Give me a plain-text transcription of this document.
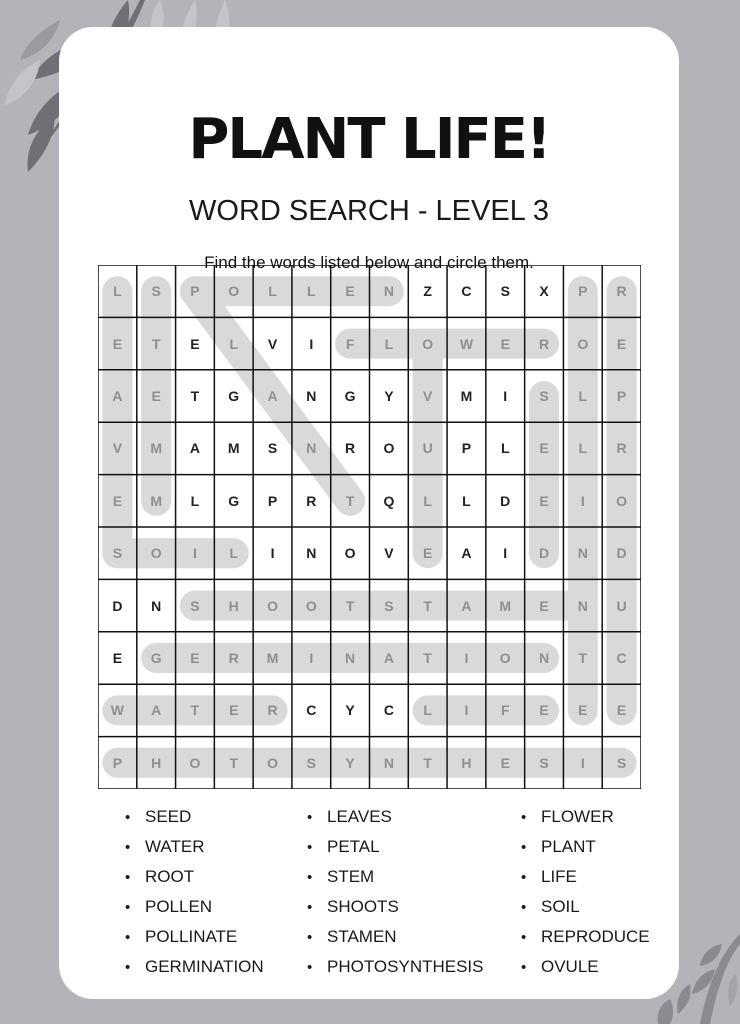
PLANT LIFE!
WORD SEARCH - LEVEL 3
Find the words listed below and circle them.
L	S	P	O	L	L	E	N	Z	C	S	X	P	R
E	T	E	L	V	I	F	L	O	W	E	R	O	E
A	E	T	G	A	N	G	Y	V	M	I	S	L	P
V	M	A	M	S	N	R	O	U	P	L	E	L	R
E	M	L	G	P	R	T	Q	L	L	D	E	I	O
S	O	I	L	I	N	O	V	E	A	I	D	N	D
D	N	S	H	O	O	T	S	T	A	M	E	N	U
E	G	E	R	M	I	N	A	T	I	O	N	T	C
W	A	T	E	R	C	Y	C	L	I	F	E	E	E
P	H	O	T	O	S	Y	N	T	H	E	S	I	S
• SEED
• WATER
• ROOT
• POLLEN
• POLLINATE
• GERMINATION
• LEAVES
• PETAL
• STEM
• SHOOTS
• STAMEN
• PHOTOSYNTHESIS
• FLOWER
• PLANT
• LIFE
• SOIL
• REPRODUCE
• OVULE
